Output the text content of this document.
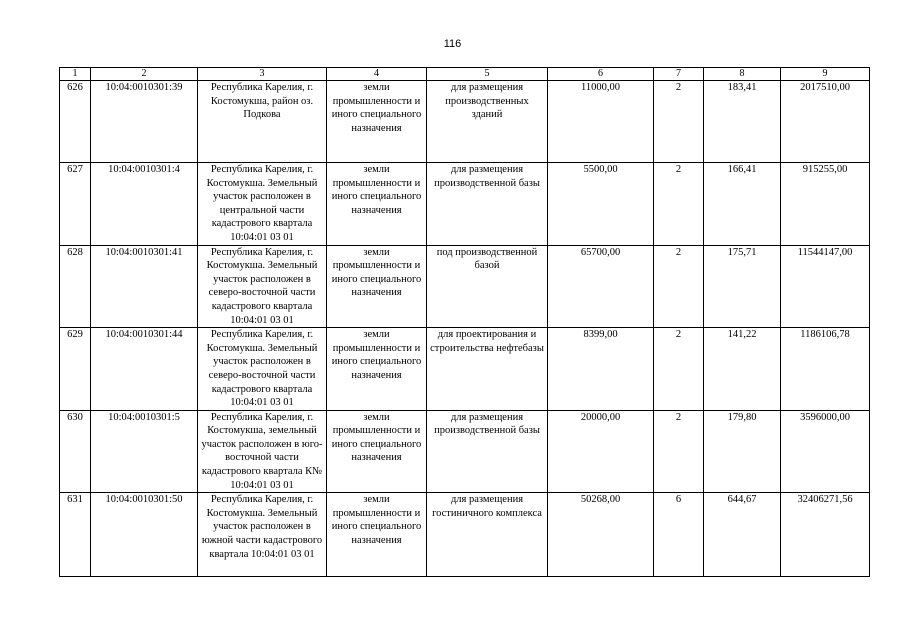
116
1	2	3	4	5	6	7	8	9
626	10:04:0010301:39	Республика Карелия, г. Костомукша, район оз. Подкова	земли промышленности и иного специального назначения	для размещения производственных зданий	11000,00	2	183,41	2017510,00
627	10:04:0010301:4	Республика Карелия, г. Костомукша. Земельный участок расположен в центральной части кадастрового квартала 10:04:01 03 01	земли промышленности и иного специального назначения	для размещения производственной базы	5500,00	2	166,41	915255,00
628	10:04:0010301:41	Республика Карелия, г. Костомукша. Земельный участок расположен в северо-восточной части кадастрового квартала 10:04:01 03 01	земли промышленности и иного специального назначения	под производственной базой	65700,00	2	175,71	11544147,00
629	10:04:0010301:44	Республика Карелия, г. Костомукша. Земельный участок расположен в северо-восточной части кадастрового квартала 10:04:01 03 01	земли промышленности и иного специального назначения	для проектирования и строительства нефтебазы	8399,00	2	141,22	1186106,78
630	10:04:0010301:5	Республика Карелия, г. Костомукша, земельный участок расположен в юго-восточной части кадастрового квартала К№ 10:04:01 03 01	земли промышленности и иного специального назначения	для размещения производственной базы	20000,00	2	179,80	3596000,00
631	10:04:0010301:50	Республика Карелия, г. Костомукша. Земельный участок расположен в южной части кадастрового квартала 10:04:01 03 01	земли промышленности и иного специального назначения	для размещения гостиничного комплекса	50268,00	6	644,67	32406271,56
